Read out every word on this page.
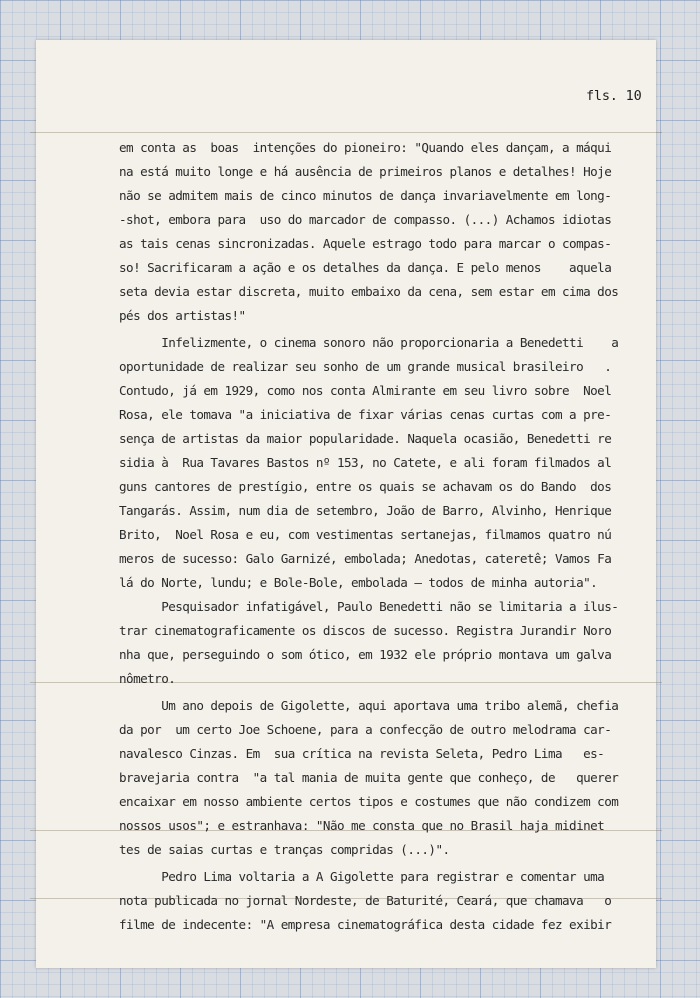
fls. 10
em conta as  boas  intenções do pioneiro: "Quando eles dançam, a máqui
na está muito longe e há ausência de primeiros planos e detalhes! Hoje
não se admitem mais de cinco minutos de dança invariavelmente em long-
-shot, embora para  uso do marcador de compasso. (...) Achamos idiotas
as tais cenas sincronizadas. Aquele estrago todo para marcar o compas-
so! Sacrificaram a ação e os detalhes da dança. E pelo menos    aquela
seta devia estar discreta, muito embaixo da cena, sem estar em cima dos
pés dos artistas!"
Infelizmente, o cinema sonoro não proporcionaria a Benedetti    a
oportunidade de realizar seu sonho de um grande musical brasileiro   .
Contudo, já em 1929, como nos conta Almirante em seu livro sobre  Noel
Rosa, ele tomava "a iniciativa de fixar várias cenas curtas com a pre-
sença de artistas da maior popularidade. Naquela ocasião, Benedetti re
sidia à  Rua Tavares Bastos nº 153, no Catete, e ali foram filmados al
guns cantores de prestígio, entre os quais se achavam os do Bando  dos
Tangarás. Assim, num dia de setembro, João de Barro, Alvinho, Henrique
Brito,  Noel Rosa e eu, com vestimentas sertanejas, filmamos quatro nú
meros de sucesso: Galo Garnizé, embolada; Anedotas, cateretê; Vamos Fa
lá do Norte, lundu; e Bole-Bole, embolada — todos de minha autoria".
Pesquisador infatigável, Paulo Benedetti não se limitaria a ilus-
trar cinematograficamente os discos de sucesso. Registra Jurandir Noro
nha que, perseguindo o som ótico, em 1932 ele próprio montava um galva
nômetro.
Um ano depois de Gigolette, aqui aportava uma tribo alemã, chefia
da por  um certo Joe Schoene, para a confecção de outro melodrama car-
navalesco Cinzas. Em  sua crítica na revista Seleta, Pedro Lima   es-
bravejaria contra  "a tal mania de muita gente que conheço, de   querer
encaixar em nosso ambiente certos tipos e costumes que não condizem com
nossos usos"; e estranhava: "Não me consta que no Brasil haja midinet
tes de saias curtas e tranças compridas (...)".
Pedro Lima voltaria a A Gigolette para registrar e comentar uma
nota publicada no jornal Nordeste, de Baturité, Ceará, que chamava   o
filme de indecente: "A empresa cinematográfica desta cidade fez exibir
